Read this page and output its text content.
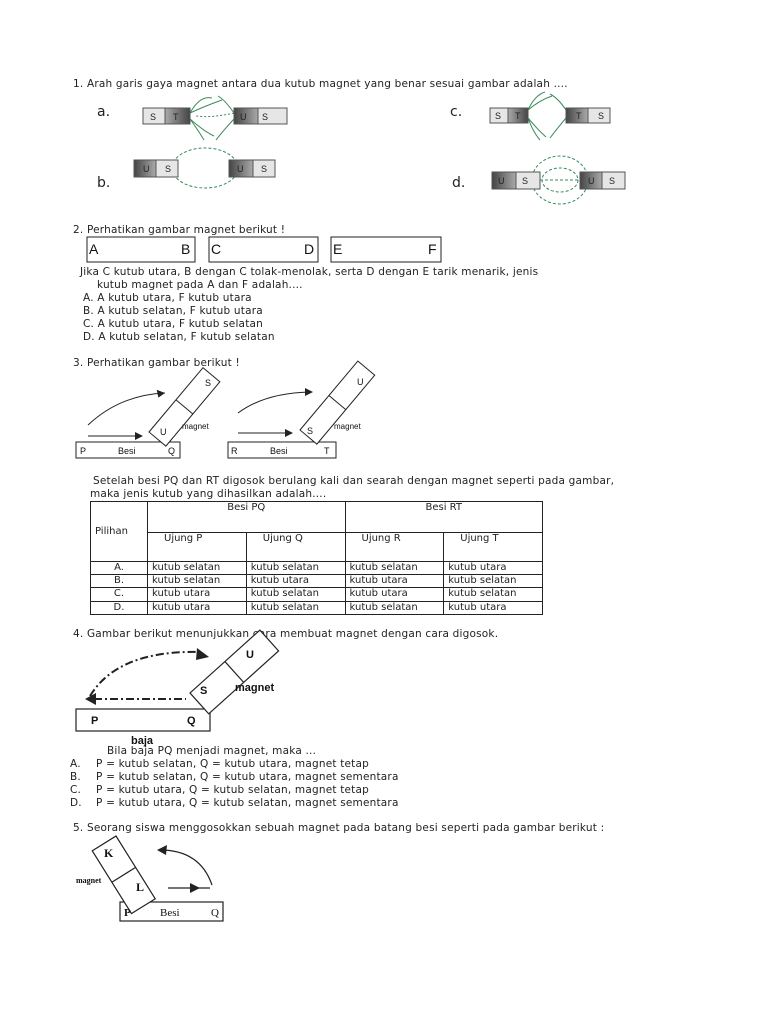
1. Arah garis gaya magnet antara dua kutub magnet yang benar sesuai gambar adalah ....
a.
b.
c.
d.
S T	U S
U S	U S
S T	T S
U S	U S
2. Perhatikan gambar magnet berikut !
A	B C	D E	F
Jika C kutub utara, B dengan C tolak-menolak, serta D dengan E tarik menarik, jenis
kutub magnet pada A dan F adalah....
A. A kutub utara, F kutub utara
B. A kutub selatan, F kutub utara
C. A kutub utara, F kutub selatan
D. A kutub selatan, F kutub selatan
3. Perhatikan gambar berikut !
S
U
magnet
P	Besi	Q
U
S	magnet
R	Besi	T
Setelah besi PQ dan RT digosok berulang kali dan searah dengan magnet seperti pada gambar,
maka jenis kutub yang dihasilkan adalah....
Pilihan	Besi PQ		Besi RT	
	Ujung P	Ujung Q	Ujung R	Ujung T
A.	kutub selatan	kutub selatan	kutub selatan	kutub utara
B.	kutub selatan	kutub utara	kutub utara	kutub selatan
C.	kutub utara	kutub selatan	kutub utara	kutub selatan
D.	kutub utara	kutub selatan	kutub selatan	kutub utara
4. Gambar berikut menunjukkan cara membuat magnet dengan cara digosok.
U
S	magnet
P	Q
baja
Bila baja PQ menjadi magnet, maka ...
A. P = kutub selatan, Q = kutub utara, magnet tetap
B. P = kutub selatan, Q = kutub utara, magnet sementara
C. P = kutub utara, Q = kutub selatan, magnet tetap
D. P = kutub utara, Q = kutub selatan, magnet sementara
5. Seorang siswa menggosokkan sebuah magnet pada batang besi seperti pada gambar berikut :
K
L
magnet
P	Besi	Q
